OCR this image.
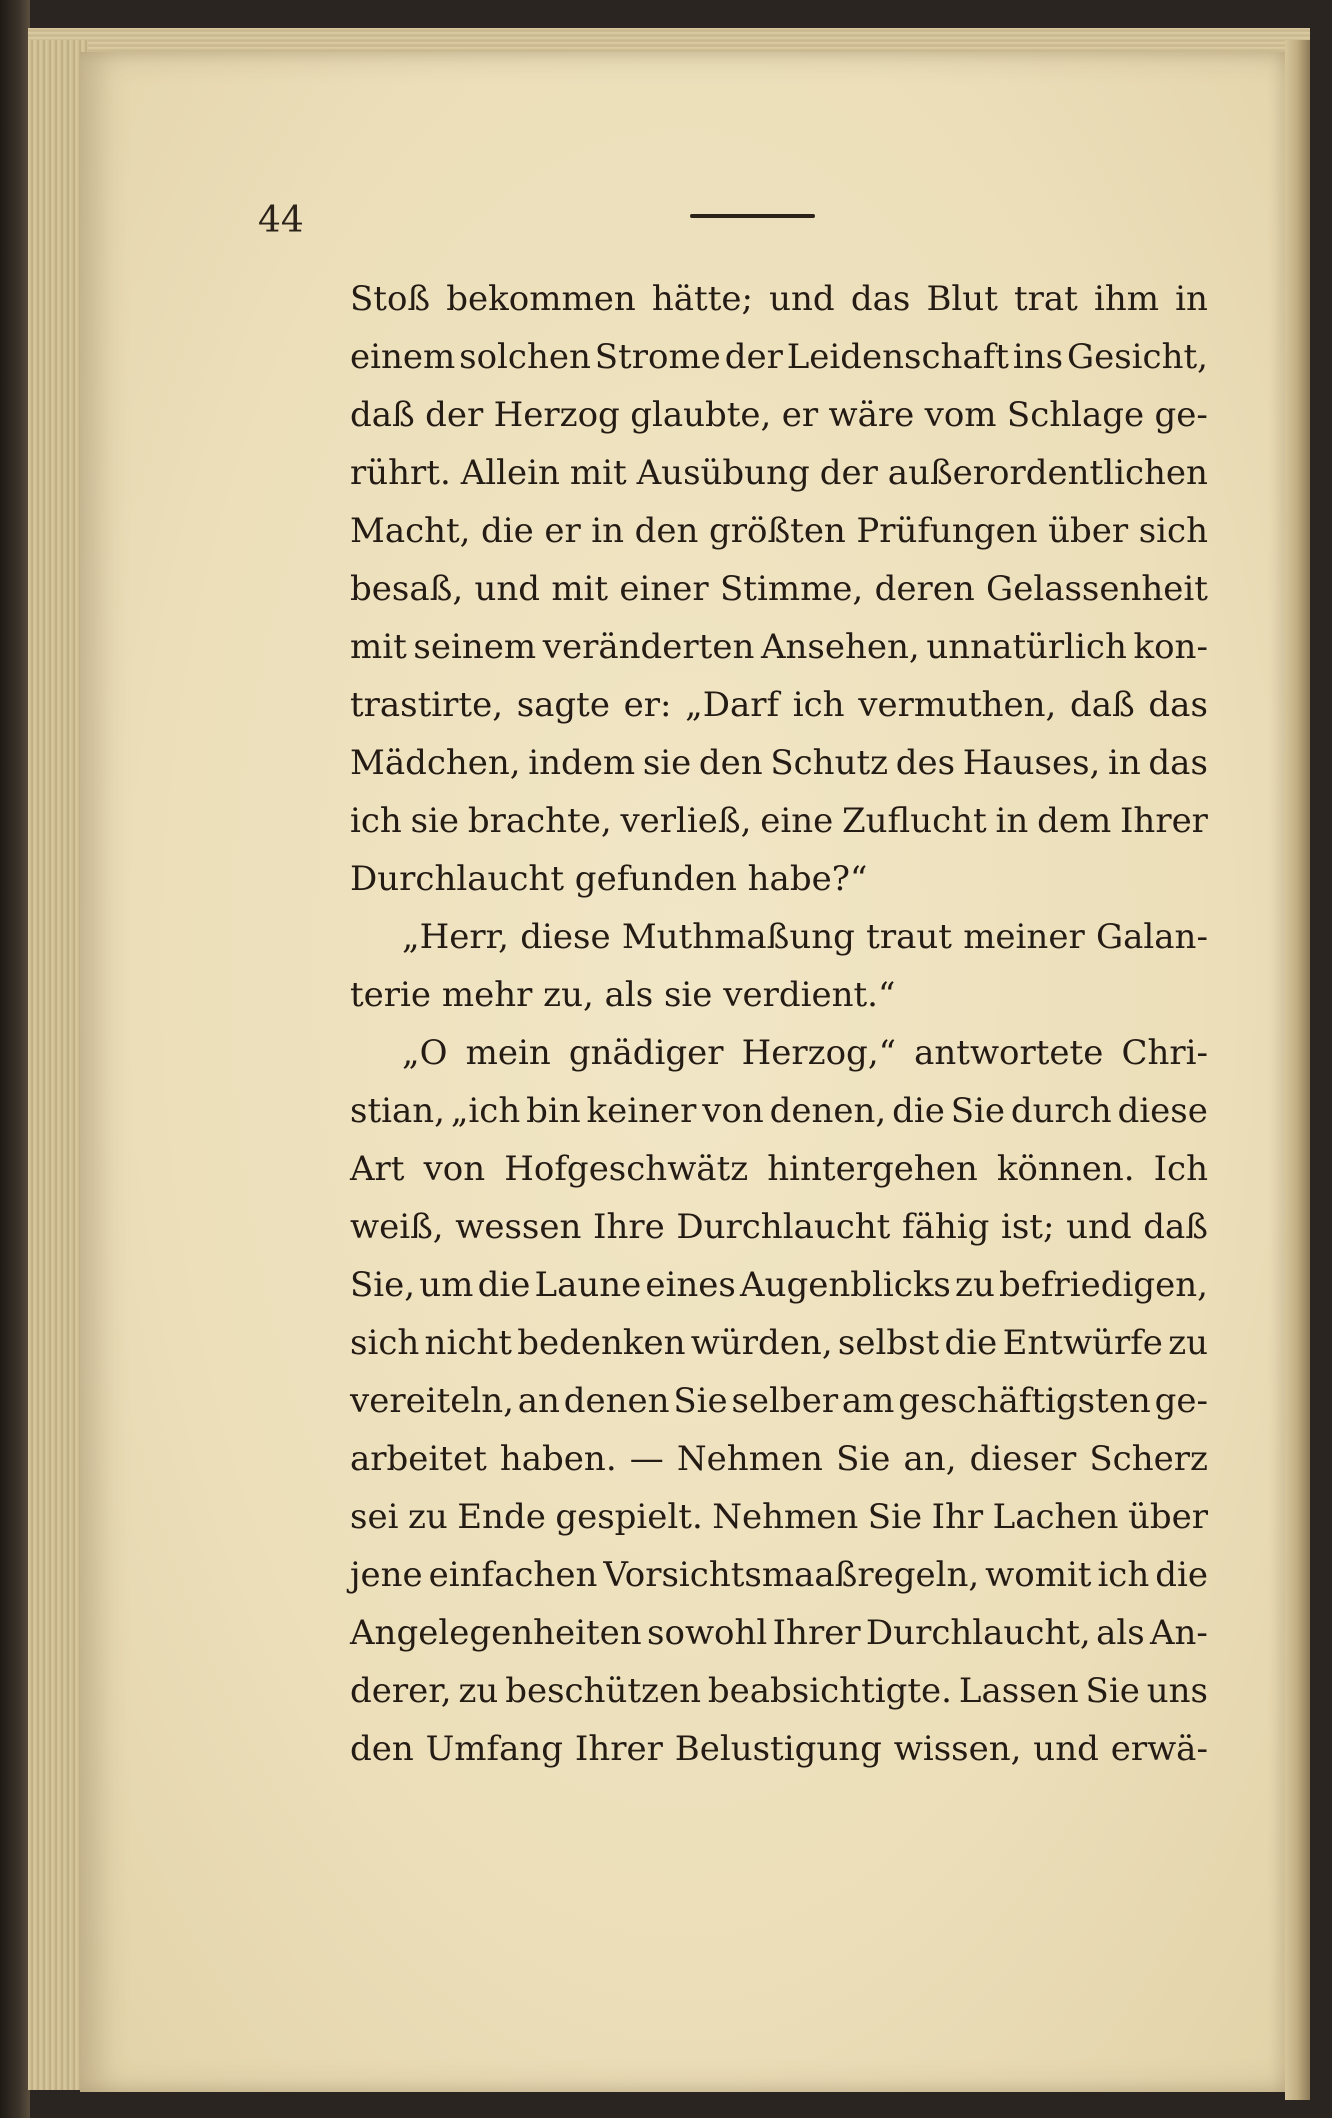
44
Stoß bekommen hätte; und das Blut trat ihm in
einem solchen Strome der Leidenschaft ins Gesicht,
daß der Herzog glaubte, er wäre vom Schlage ge-
rührt. Allein mit Ausübung der außerordentlichen
Macht, die er in den größten Prüfungen über sich
besaß, und mit einer Stimme, deren Gelassenheit
mit seinem veränderten Ansehen, unnatürlich kon-
trastirte, sagte er: „Darf ich vermuthen, daß das
Mädchen, indem sie den Schutz des Hauses, in das
ich sie brachte, verließ, eine Zuflucht in dem Ihrer
Durchlaucht gefunden habe?“
„Herr, diese Muthmaßung traut meiner Galan-
terie mehr zu, als sie verdient.“
„O mein gnädiger Herzog,“ antwortete Chri-
stian, „ich bin keiner von denen, die Sie durch diese
Art von Hofgeschwätz hintergehen können. Ich
weiß, wessen Ihre Durchlaucht fähig ist; und daß
Sie, um die Laune eines Augenblicks zu befriedigen,
sich nicht bedenken würden, selbst die Entwürfe zu
vereiteln, an denen Sie selber am geschäftigsten ge-
arbeitet haben. — Nehmen Sie an, dieser Scherz
sei zu Ende gespielt. Nehmen Sie Ihr Lachen über
jene einfachen Vorsichtsmaaßregeln, womit ich die
Angelegenheiten sowohl Ihrer Durchlaucht, als An-
derer, zu beschützen beabsichtigte. Lassen Sie uns
den Umfang Ihrer Belustigung wissen, und erwä-
